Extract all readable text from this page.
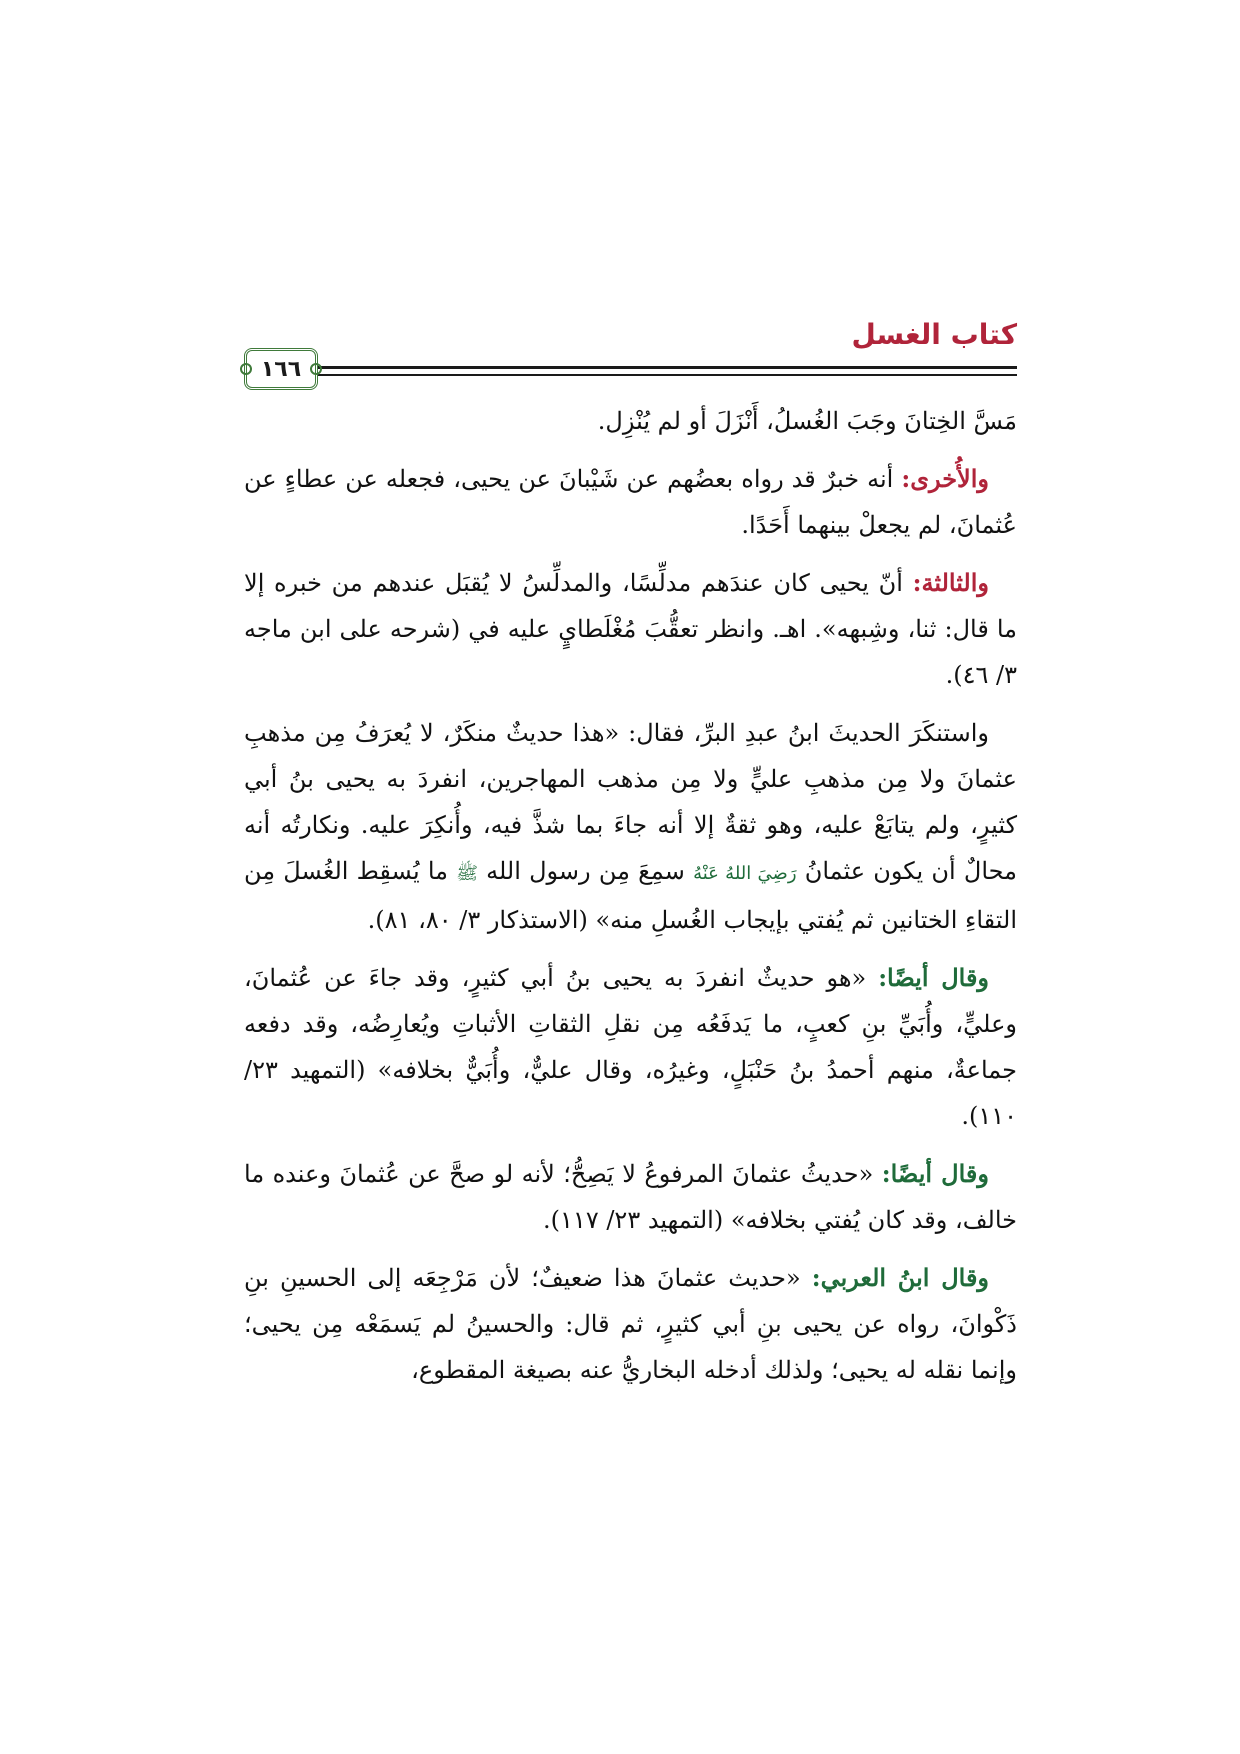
كتاب الغسل
١٦٦

مَسَّ الخِتانَ وجَبَ الغُسلُ، أَنْزَلَ أو لم يُنْزِل.

والأُخرى: أنه خبرٌ قد رواه بعضُهم عن شَيْبانَ عن يحيى، فجعله عن عطاءٍ عن عُثمانَ، لم يجعلْ بينهما أَحَدًا.

والثالثة: أنّ يحيى كان عندَهم مدلِّسًا، والمدلِّسُ لا يُقبَل عندهم من خبره إلا ما قال: ثنا، وشِبهه». اهـ. وانظر تعقُّبَ مُغْلَطايٍ عليه في (شرحه على ابن ماجه ٣/ ٤٦).

واستنكَرَ الحديثَ ابنُ عبدِ البرِّ، فقال: «هذا حديثٌ منكَرٌ، لا يُعرَفُ مِن مذهبِ عثمانَ ولا مِن مذهبِ عليٍّ ولا مِن مذهب المهاجرين، انفردَ به يحيى بنُ أبي كثيرٍ، ولم يتابَعْ عليه، وهو ثقةٌ إلا أنه جاءَ بما شذَّ فيه، وأُنكِرَ عليه. ونكارتُه أنه محالٌ أن يكون عثمانُ رَضِيَ اللهُ عَنْهُ سمِعَ مِن رسول الله ﷺ ما يُسقِط الغُسلَ مِن التقاءِ الختانين ثم يُفتي بإيجاب الغُسلِ منه» (الاستذكار ٣/ ٨٠، ٨١).

وقال أيضًا: «هو حديثٌ انفردَ به يحيى بنُ أبي كثيرٍ، وقد جاءَ عن عُثمانَ، وعليٍّ، وأُبَيِّ بنِ كعبٍ، ما يَدفَعُه مِن نقلِ الثقاتِ الأثباتِ ويُعارِضُه، وقد دفعه جماعةٌ، منهم أحمدُ بنُ حَنْبَلٍ، وغيرُه، وقال عليٌّ، وأُبَيٌّ بخلافه» (التمهيد ٢٣/ ١١٠).

وقال أيضًا: «حديثُ عثمانَ المرفوعُ لا يَصِحُّ؛ لأنه لو صحَّ عن عُثمانَ وعنده ما خالف، وقد كان يُفتي بخلافه» (التمهيد ٢٣/ ١١٧).

وقال ابنُ العربي: «حديث عثمانَ هذا ضعيفٌ؛ لأن مَرْجِعَه إلى الحسينِ بنِ ذَكْوانَ، رواه عن يحيى بنِ أبي كثيرٍ، ثم قال: والحسينُ لم يَسمَعْه مِن يحيى؛ وإنما نقله له يحيى؛ ولذلك أدخله البخاريُّ عنه بصيغة المقطوع،
